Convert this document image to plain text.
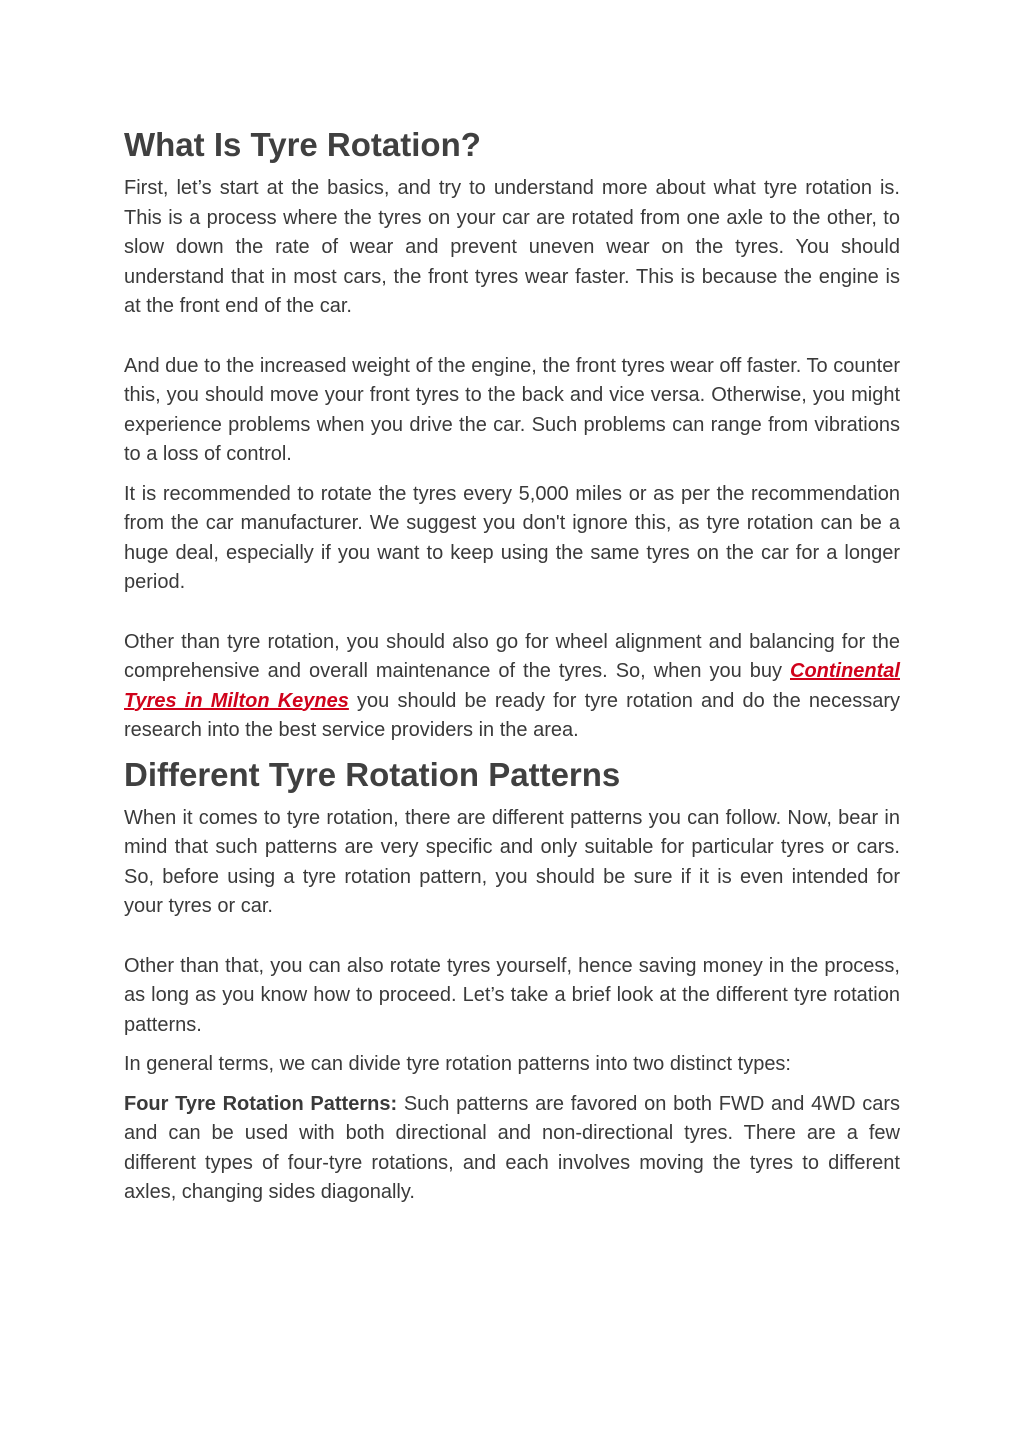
What Is Tyre Rotation?

First, let’s start at the basics, and try to understand more about what tyre rotation is. This is a process where the tyres on your car are rotated from one axle to the other, to slow down the rate of wear and prevent uneven wear on the tyres. You should understand that in most cars, the front tyres wear faster. This is because the engine is at the front end of the car.

And due to the increased weight of the engine, the front tyres wear off faster. To counter this, you should move your front tyres to the back and vice versa. Otherwise, you might experience problems when you drive the car. Such problems can range from vibrations to a loss of control.

It is recommended to rotate the tyres every 5,000 miles or as per the recommendation from the car manufacturer. We suggest you don't ignore this, as tyre rotation can be a huge deal, especially if you want to keep using the same tyres on the car for a longer period.

Other than tyre rotation, you should also go for wheel alignment and balancing for the comprehensive and overall maintenance of the tyres. So, when you buy Continental Tyres in Milton Keynes you should be ready for tyre rotation and do the necessary research into the best service providers in the area.

Different Tyre Rotation Patterns

When it comes to tyre rotation, there are different patterns you can follow. Now, bear in mind that such patterns are very specific and only suitable for particular tyres or cars. So, before using a tyre rotation pattern, you should be sure if it is even intended for your tyres or car.

Other than that, you can also rotate tyres yourself, hence saving money in the process, as long as you know how to proceed. Let’s take a brief look at the different tyre rotation patterns.

In general terms, we can divide tyre rotation patterns into two distinct types:

Four Tyre Rotation Patterns: Such patterns are favored on both FWD and 4WD cars and can be used with both directional and non-directional tyres. There are a few different types of four-tyre rotations, and each involves moving the tyres to different axles, changing sides diagonally.
